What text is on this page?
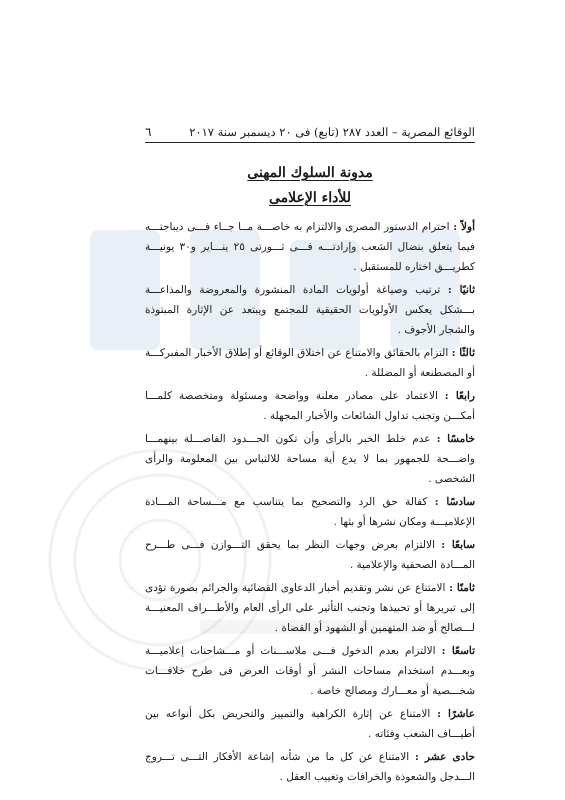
الوقائع المصرية – العدد ٢٨٧ (تابع) فى ٢٠ ديسمبر سنة ٢٠١٧
٦
مدونة السلوك المهنى
للأداء الإعلامى

أولاً : احترام الدستور المصرى والالتزام به خاصـــة مــا جــاء فـــى ديباجتـــه فيما يتعلق بنضال الشعب وإرادتـــه فـــى ثـــورتى ٢٥ ينـــاير و٣٠ يونيـــة كطريـــق اختاره للمستقبل .

ثانيًا : ترتيب وصياغة أولويات المادة المنشورة والمعروضة والمذاعـــة بـــشكل يعكس الأولويات الحقيقية للمجتمع ويبتعد عن الإثارة المبتوذة والشجار الأجوف .

ثالثًا : التزام بالحقائق والامتناع عن اختلاق الوقائع أو إطلاق الأخبار المفبركـــة أو المصطنعة أو المضللة .

رابعًا : الاعتماد على مصادر معلنة وواضحة ومسئولة ومتخصصة كلمـــا أمكـــن وتجنب تداول الشائعات والأخبار المجهلة .

خامسًا : عدم خلط الخبر بالرأى وأن تكون الحـــدود الفاصـــلة بينهمـــا واضـــحة للجمهور بما لا يدع أية مساحة للالتباس بين المعلومة والرأى الشخصى .

سادسًا : كفالة حق الرد والتصحيح بما يتناسب مع مـــساحة المـــادة الإعلاميـــة ومكان نشرها أو بثها .

سابعًا : الالتزام بعرض وجهات النظر بما يحقق التـــوازن فـــى طـــرح المـــادة الصحفية والإعلامية .

ثامنًا : الامتناع عن نشر وتقديم أخبار الدعاوى القضائية والجرائم بصورة تؤدى إلى تبريرها أو تحبيذها وتجنب التأثير على الرأى العام والأطـــراف المعنيـــة لـــصالح أو ضد المتهمين أو الشهود أو القضاة .

تاسعًا : الالتزام بعدم الدخول فـــى ملاســـنات أو مـــشاحنات إعلاميـــة وبعـــدم استخدام مساحات النشر أو أوقات العرض فى طرح خلافـــات شخـــصية أو معـــارك ومصالح خاصة .

عاشرًا : الامتناع عن إثارة الكراهية والتمييز والتحريض بكل أنواعه بين أطيـــاف الشعب وفئاته .

حادى عشر : الامتناع عن كل ما من شأنه إشاعة الأفكار التـــى تـــروج الـــدجل والشعوذة والخرافات وتغييب العقل .
